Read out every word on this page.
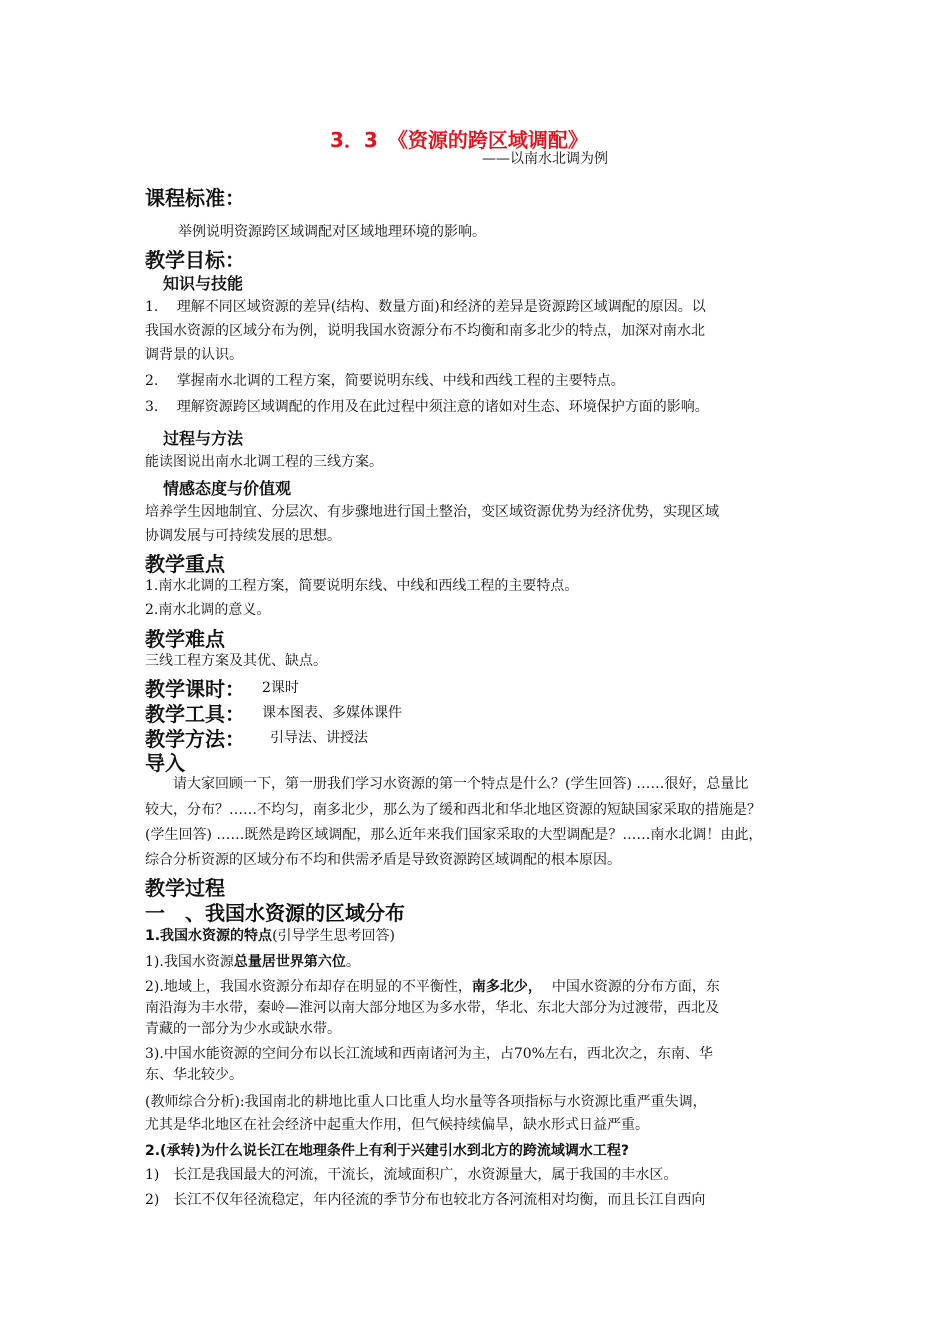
3．3　《资源的跨区域调配》
——以南水北调为例
课程标准：
举例说明资源跨区域调配对区域地理环境的影响。
教学目标：
知识与技能
1.　 理解不同区域资源的差异(结构、数量方面)和经济的差异是资源跨区域调配的原因。以
我国水资源的区域分布为例，说明我国水资源分布不均衡和南多北少的特点，加深对南水北
调背景的认识。
2.　 掌握南水北调的工程方案，简要说明东线、中线和西线工程的主要特点。
3.　 理解资源跨区域调配的作用及在此过程中须注意的诸如对生态、环境保护方面的影响。
过程与方法
能读图说出南水北调工程的三线方案。
情感态度与价值观
培养学生因地制宜、分层次、有步骤地进行国土整治，变区域资源优势为经济优势，实现区域
协调发展与可持续发展的思想。
教学重点
1.南水北调的工程方案，简要说明东线、中线和西线工程的主要特点。
2.南水北调的意义。
教学难点
三线工程方案及其优、缺点。
教学课时： 2课时
教学工具： 课本图表、多媒体课件
教学方法： 引导法、讲授法
导入
请大家回顾一下，第一册我们学习水资源的第一个特点是什么？(学生回答) ……很好，总量比
较大，分布？……不均匀，南多北少，那么为了缓和西北和华北地区资源的短缺国家采取的措施是？
(学生回答) ……既然是跨区域调配，那么近年来我们国家采取的大型调配是？……南水北调！由此，
综合分析资源的区域分布不均和供需矛盾是导致资源跨区域调配的根本原因。
教学过程
一　、我国水资源的区域分布
1.我国水资源的特点(引导学生思考回答)
1).我国水资源总量居世界第六位。
2).地域上，我国水资源分布却存在明显的不平衡性，南多北少， 中国水资源的分布方面，东
南沿海为丰水带，秦岭—淮河以南大部分地区为多水带，华北、东北大部分为过渡带，西北及
青藏的一部分为少水或缺水带。
3).中国水能资源的空间分布以长江流域和西南诸河为主，占70%左右，西北次之，东南、华
东、华北较少。
(教师综合分析):我国南北的耕地比重人口比重人均水量等各项指标与水资源比重严重失调，
尤其是华北地区在社会经济中起重大作用，但气候持续偏旱，缺水形式日益严重。
2.(承转)为什么说长江在地理条件上有利于兴建引水到北方的跨流域调水工程?
1)　长江是我国最大的河流，干流长，流域面积广，水资源量大，属于我国的丰水区。
2)　长江不仅年径流稳定，年内径流的季节分布也较北方各河流相对均衡，而且长江自西向
